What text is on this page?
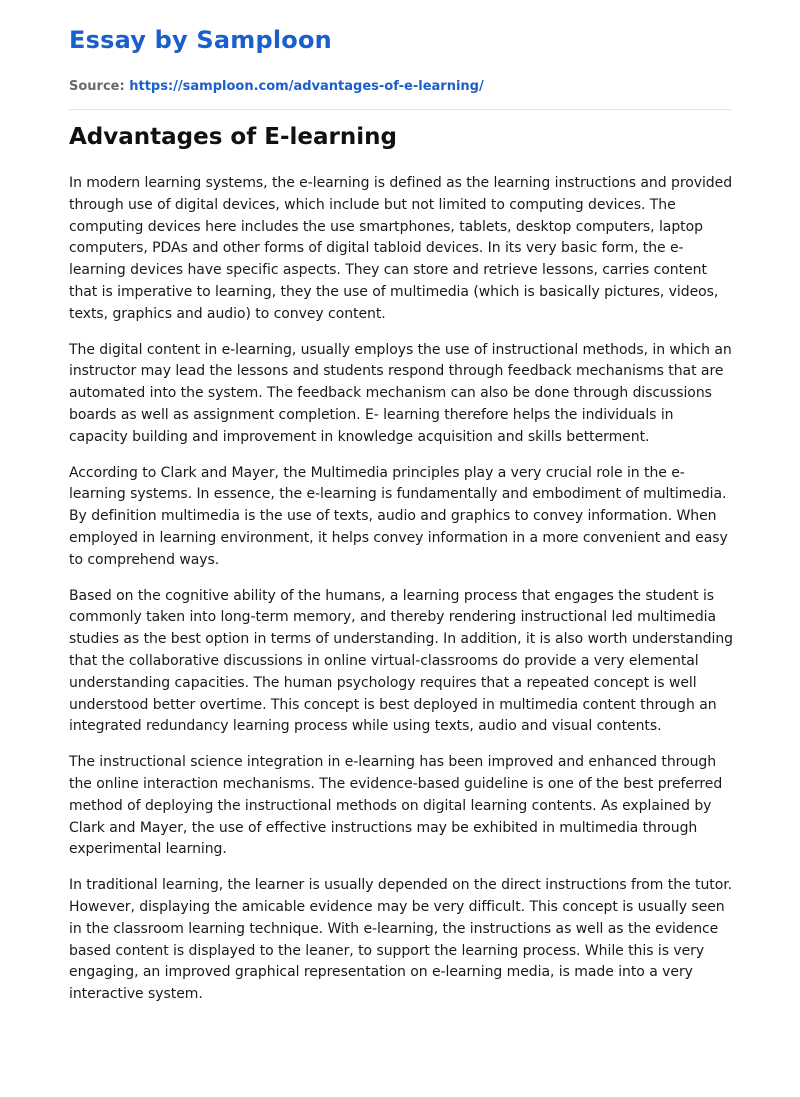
Essay by Samploon
Source: https://samploon.com/advantages-of-e-learning/
Advantages of E-learning

In modern learning systems, the e-learning is defined as the learning instructions and provided through use of digital devices, which include but not limited to computing devices. The computing devices here includes the use smartphones, tablets, desktop computers, laptop computers, PDAs and other forms of digital tabloid devices. In its very basic form, the e-learning devices have specific aspects. They can store and retrieve lessons, carries content that is imperative to learning, they the use of multimedia (which is basically pictures, videos, texts, graphics and audio) to convey content.

The digital content in e-learning, usually employs the use of instructional methods, in which an instructor may lead the lessons and students respond through feedback mechanisms that are automated into the system. The feedback mechanism can also be done through discussions boards as well as assignment completion. E- learning therefore helps the individuals in capacity building and improvement in knowledge acquisition and skills betterment.

According to Clark and Mayer, the Multimedia principles play a very crucial role in the e-learning systems. In essence, the e-learning is fundamentally and embodiment of multimedia. By definition multimedia is the use of texts, audio and graphics to convey information. When employed in learning environment, it helps convey information in a more convenient and easy to comprehend ways.

Based on the cognitive ability of the humans, a learning process that engages the student is commonly taken into long-term memory, and thereby rendering instructional led multimedia studies as the best option in terms of understanding. In addition, it is also worth understanding that the collaborative discussions in online virtual-classrooms do provide a very elemental understanding capacities. The human psychology requires that a repeated concept is well understood better overtime. This concept is best deployed in multimedia content through an integrated redundancy learning process while using texts, audio and visual contents.

The instructional science integration in e-learning has been improved and enhanced through the online interaction mechanisms. The evidence-based guideline is one of the best preferred method of deploying the instructional methods on digital learning contents. As explained by Clark and Mayer, the use of effective instructions may be exhibited in multimedia through experimental learning.

In traditional learning, the learner is usually depended on the direct instructions from the tutor. However, displaying the amicable evidence may be very difficult. This concept is usually seen in the classroom learning technique. With e-learning, the instructions as well as the evidence based content is displayed to the leaner, to support the learning process. While this is very engaging, an improved graphical representation on e-learning media, is made into a very interactive system.
